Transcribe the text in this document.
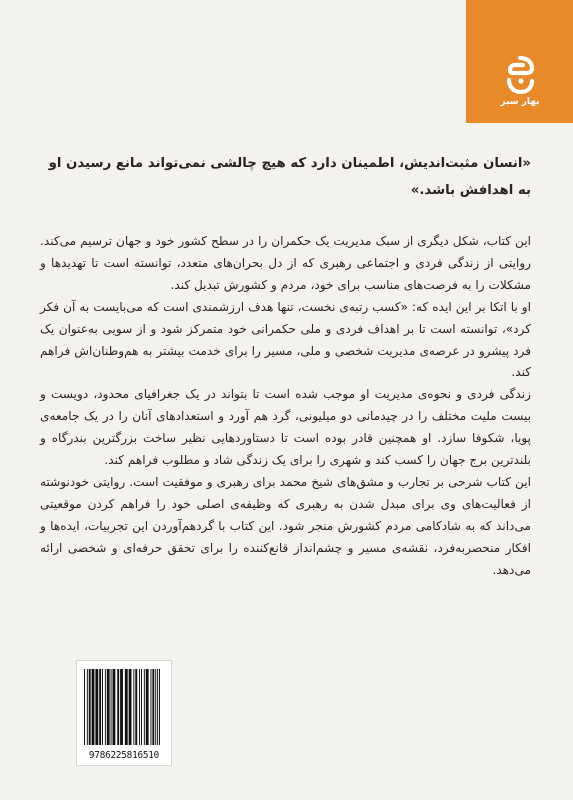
بهار سبز
«انسان مثبت‌اندیش، اطمینان دارد که هیچ چالشی نمی‌تواند مانع رسیدن او به اهدافش باشد.»

این کتاب، شکل دیگری از سبک مدیریت یک حکمران را در سطح کشور خود و جهان ترسیم می‌کند. روایتی از زندگی فردی و اجتماعی رهبری که از دل بحران‌های متعدد، توانسته است تا تهدیدها و مشکلات را به فرصت‌های مناسب برای خود، مردم و کشورش تبدیل کند.

او با اتکا بر این ایده که: «کسب رتبه‌ی نخست، تنها هدف ارزشمندی است که می‌بایست به آن فکر کرد»، توانسته است تا بر اهداف فردی و ملی حکمرانی خود متمرکز شود و از سویی به‌عنوان یک فرد پیشرو در عرصه‌ی مدیریت شخصی و ملی، مسیر را برای خدمت بیشتر به هم‌وطنان‌اش فراهم کند.

زندگی فردی و نحوه‌ی مدیریت او موجب شده است تا بتواند در یک جغرافیای محدود، دویست و بیست ملیت مختلف را در چیدمانی دو میلیونی، گرد هم آورد و استعدادهای آنان را در یک جامعه‌ی پویا، شکوفا سازد. او همچنین قادر بوده است تا دستاوردهایی نظیر ساخت بزرگترین بندرگاه و بلندترین برج جهان را کسب کند و شهری را برای یک زندگی شاد و مطلوب فراهم کند.

این کتاب شرحی بر تجارب و مشق‌های شیخ محمد برای رهبری و موفقیت است. روایتی خودنوشته از فعالیت‌های وی برای مبدل شدن به رهبری که وظیفه‌ی اصلی خود را فراهم کردن موقعیتی می‌داند که به شادکامی مردم کشورش منجر شود. این کتاب با گردهم‌آوردن این تجربیات، ایده‌ها و افکار منحصربه‌فرد، نقشه‌ی مسیر و چشم‌انداز قانع‌کننده را برای تحقق حرفه‌ای و شخصی ارائه می‌دهد.

9786225816510
